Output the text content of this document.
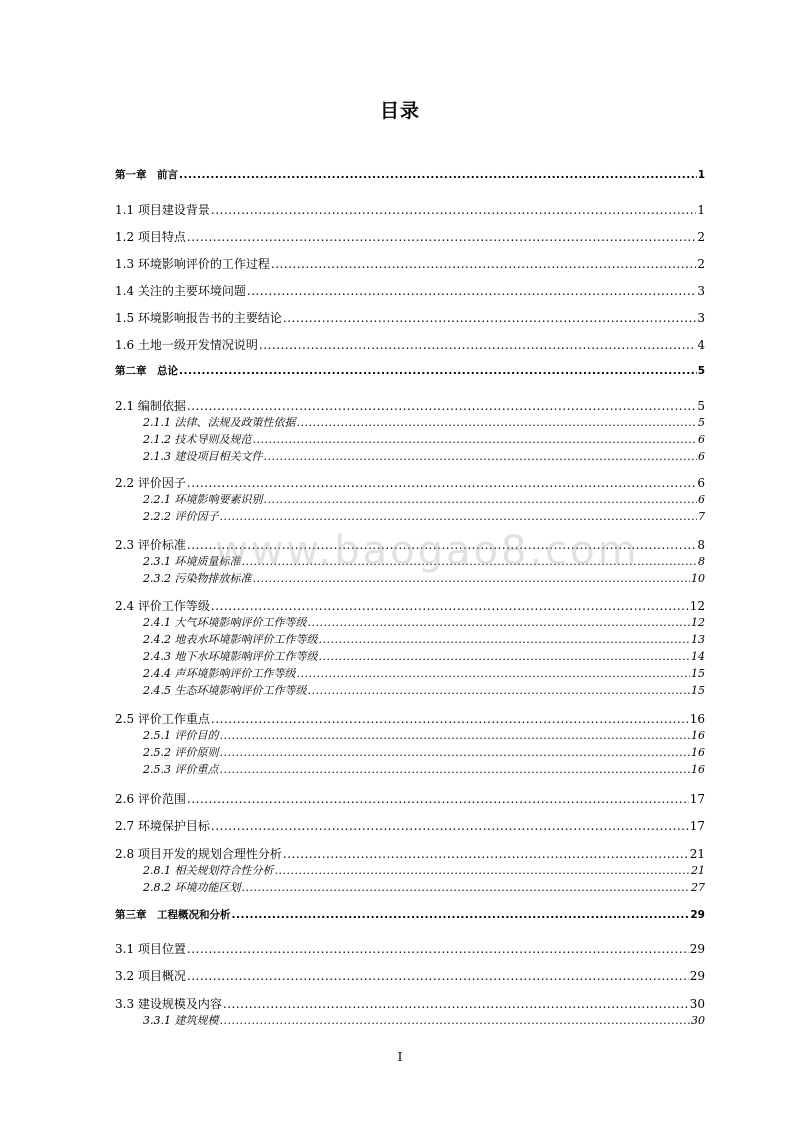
目录
第一章　前言 .....	1
1.1 项目建设背景 .....	1
1.2 项目特点 .....	2
1.3 环境影响评价的工作过程 .....	2
1.4 关注的主要环境问题 .....	3
1.5 环境影响报告书的主要结论 .....	3
1.6 土地一级开发情况说明 .....	4
第二章　总论 .....	5
2.1 编制依据 .....	5
2.1.1 法律、法规及政策性依据 .....	5
2.1.2 技术导则及规范 .....	6
2.1.3 建设项目相关文件 .....	6
2.2 评价因子 .....	6
2.2.1 环境影响要素识别 .....	6
2.2.2 评价因子 .....	7
2.3 评价标准 .....	8
2.3.1 环境质量标准 .....	8
2.3.2 污染物排放标准 .....	10
2.4 评价工作等级 .....	12
2.4.1 大气环境影响评价工作等级 .....	12
2.4.2 地表水环境影响评价工作等级 .....	13
2.4.3 地下水环境影响评价工作等级 .....	14
2.4.4 声环境影响评价工作等级 .....	15
2.4.5 生态环境影响评价工作等级 .....	15
2.5 评价工作重点 .....	16
2.5.1 评价目的 .....	16
2.5.2 评价原则 .....	16
2.5.3 评价重点 .....	16
2.6 评价范围 .....	17
2.7 环境保护目标 .....	17
2.8 项目开发的规划合理性分析 .....	21
2.8.1 相关规划符合性分析 .....	21
2.8.2 环境功能区划 .....	27
第三章　工程概况和分析 .....	29
3.1 项目位置 .....	29
3.2 项目概况 .....	29
3.3 建设规模及内容 .....	30
3.3.1 建筑规模 .....	30
www.baogao8.com
I
